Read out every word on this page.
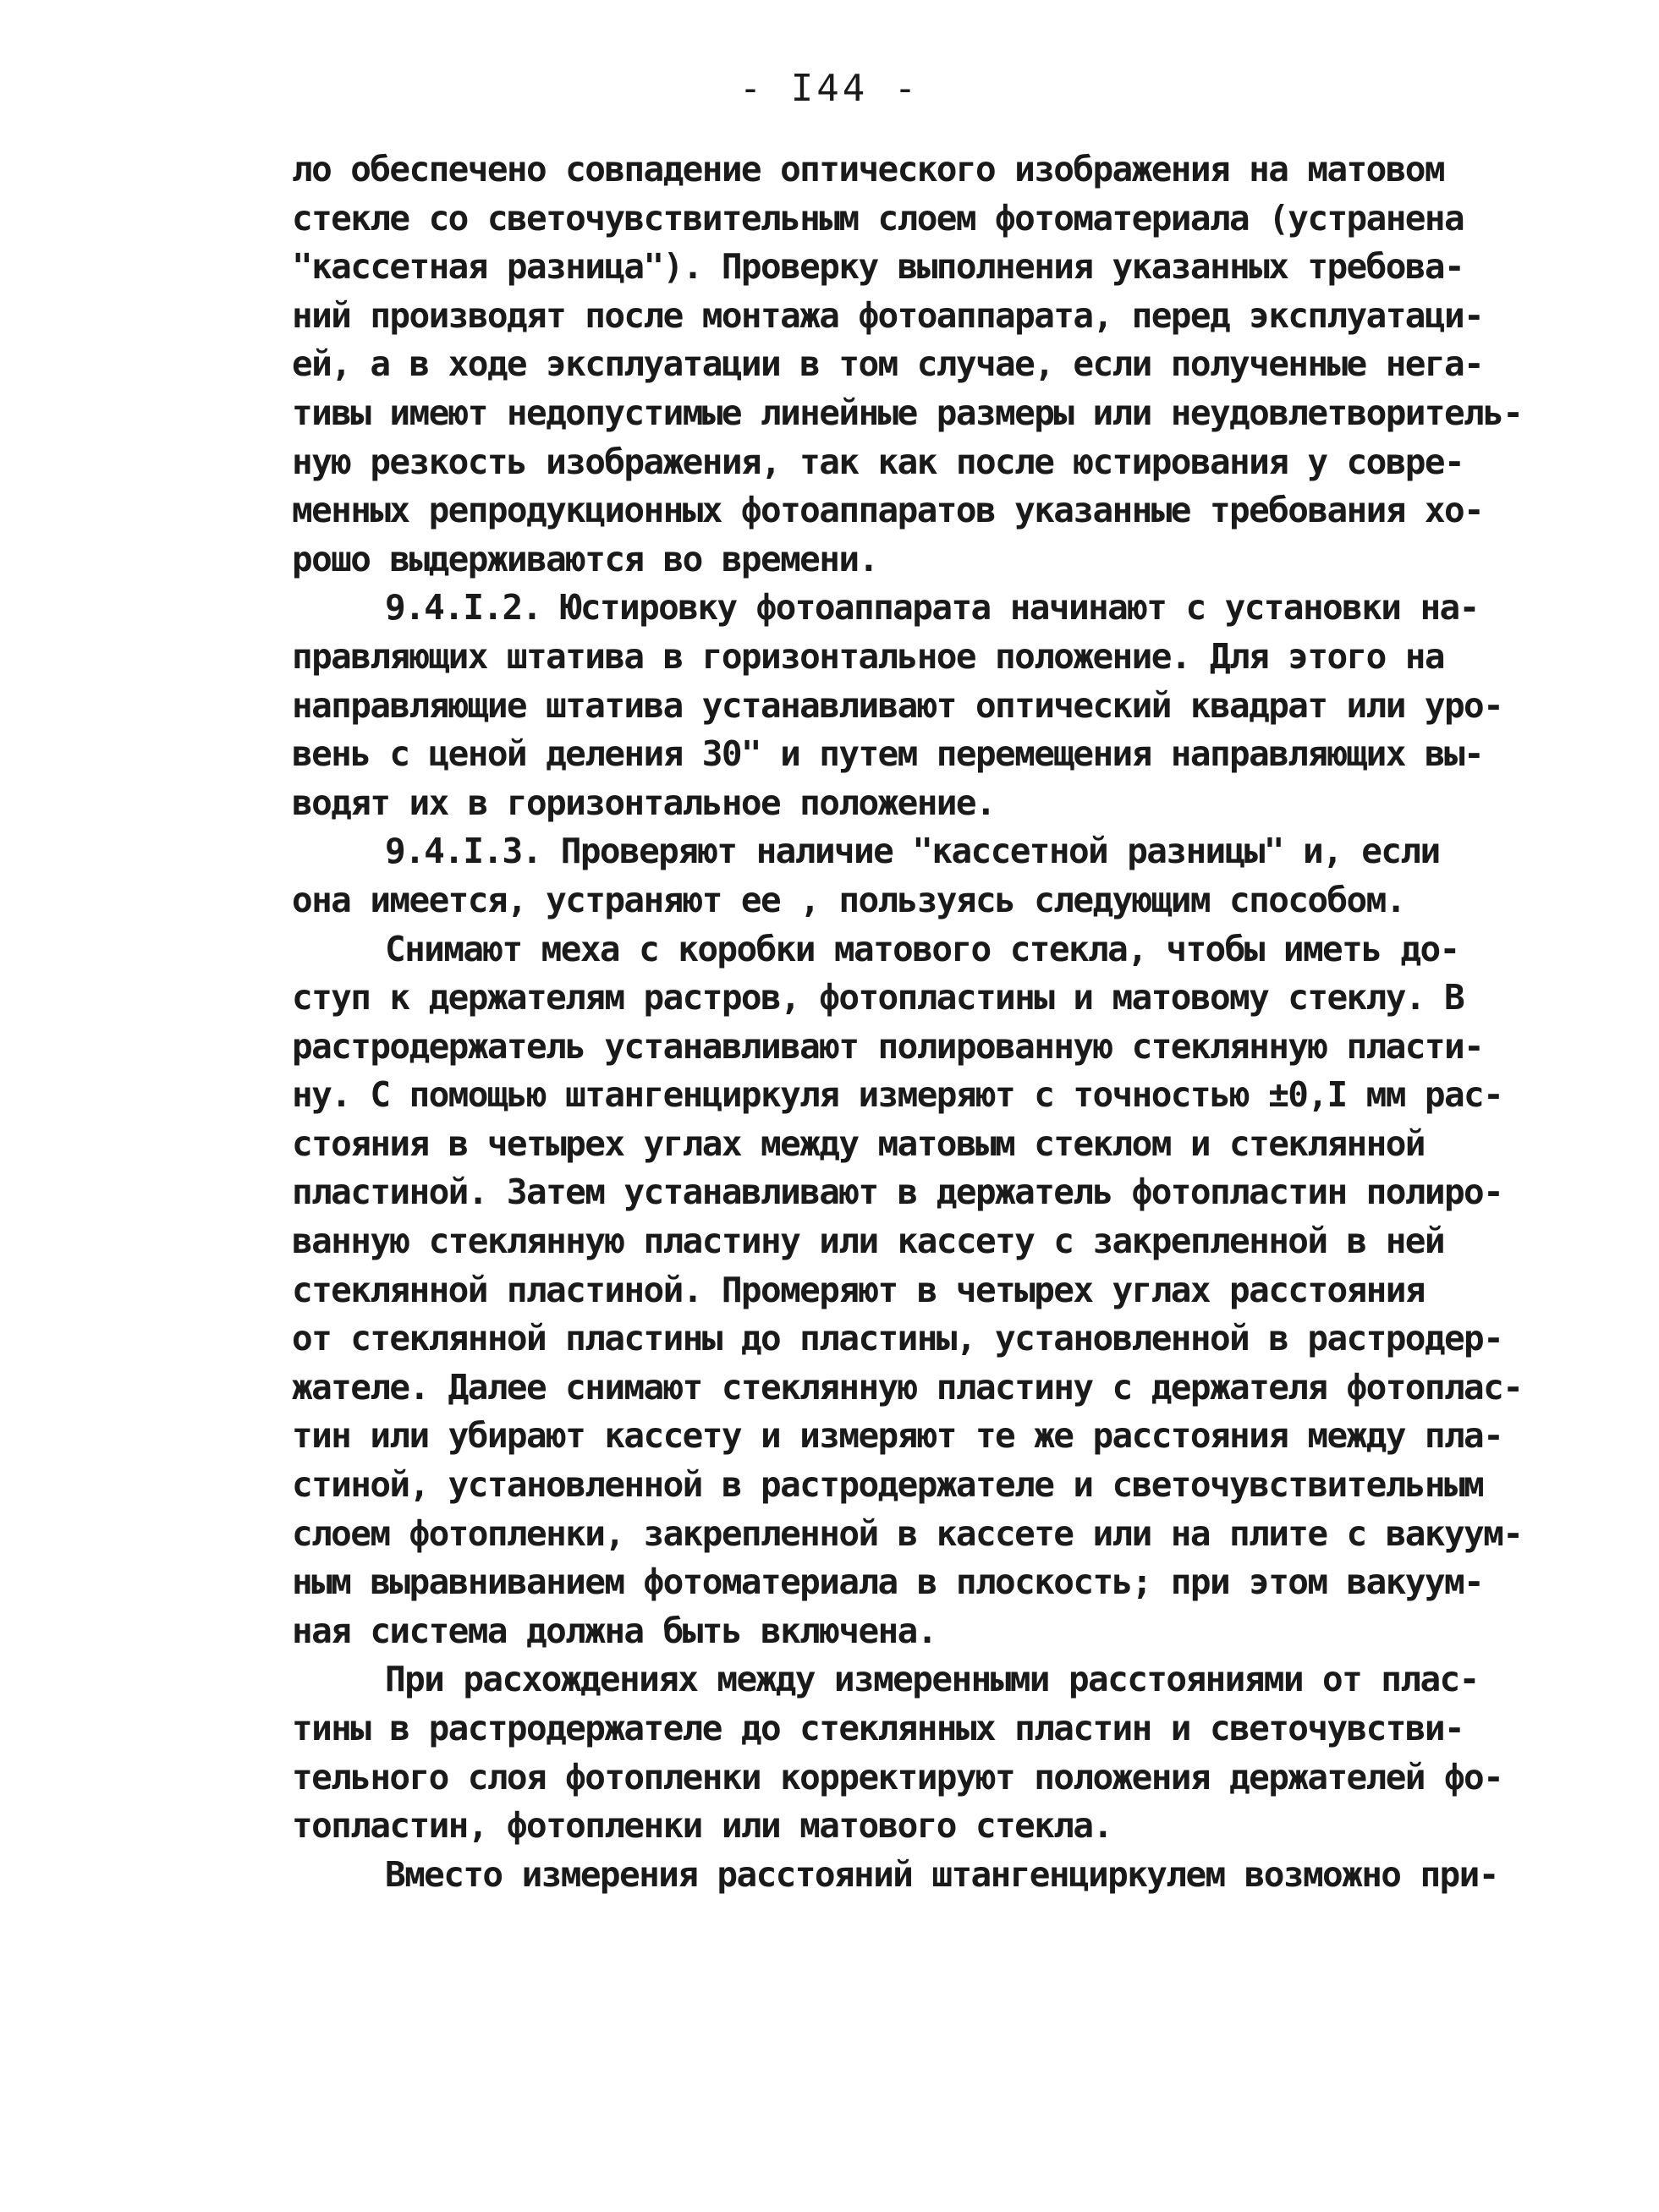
- I44 -
ло обеспечено совпадение оптического изображения на матовом
стекле со светочувствительным слоем фотоматериала (устранена
"кассетная разница"). Проверку выполнения указанных требова-
ний производят после монтажа фотоаппарата, перед эксплуатаци-
ей, а в ходе эксплуатации в том случае, если полученные нега-
тивы имеют недопустимые линейные размеры или неудовлетворитель-
ную резкость изображения, так как после юстирования у совре-
менных репродукционных фотоаппаратов указанные требования хо-
рошо выдерживаются во времени.
9.4.I.2. Юстировку фотоаппарата начинают с установки на-
правляющих штатива в горизонтальное положение. Для этого на
направляющие штатива устанавливают оптический квадрат или уро-
вень с ценой деления 30" и путем перемещения направляющих вы-
водят их в горизонтальное положение.
9.4.I.3. Проверяют наличие "кассетной разницы" и, если
она имеется, устраняют ее , пользуясь следующим способом.
Снимают меха с коробки матового стекла, чтобы иметь до-
ступ к держателям растров, фотопластины и матовому стеклу. В
растродержатель устанавливают полированную стеклянную пласти-
ну. С помощью штангенциркуля измеряют с точностью ±0,I мм рас-
стояния в четырех углах между матовым стеклом и стеклянной
пластиной. Затем устанавливают в держатель фотопластин полиро-
ванную стеклянную пластину или кассету с закрепленной в ней
стеклянной пластиной. Промеряют в четырех углах расстояния
от стеклянной пластины до пластины, установленной в растродер-
жателе. Далее снимают стеклянную пластину с держателя фотоплас-
тин или убирают кассету и измеряют те же расстояния между пла-
стиной, установленной в растродержателе и светочувствительным
слоем фотопленки, закрепленной в кассете или на плите с вакуум-
ным выравниванием фотоматериала в плоскость; при этом вакуум-
ная система должна быть включена.
При расхождениях между измеренными расстояниями от плас-
тины в растродержателе до стеклянных пластин и светочувстви-
тельного слоя фотопленки корректируют положения держателей фо-
топластин, фотопленки или матового стекла.
Вместо измерения расстояний штангенциркулем возможно при-
